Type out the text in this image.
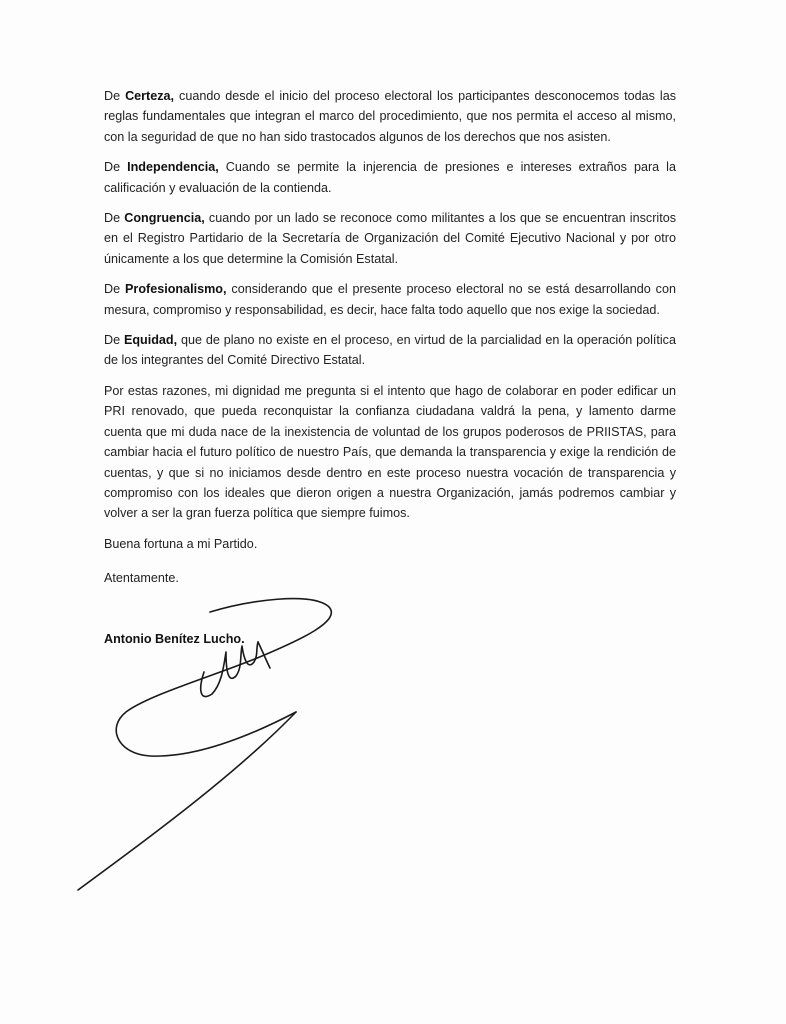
De Certeza, cuando desde el inicio del proceso electoral los participantes desconocemos todas las reglas fundamentales que integran el marco del procedimiento, que nos permita el acceso al mismo, con la seguridad de que no han sido trastocados algunos de los derechos que nos asisten.

De Independencia, Cuando se permite la injerencia de presiones e intereses extraños para la calificación y evaluación de la contienda.

De Congruencia, cuando por un lado se reconoce como militantes a los que se encuentran inscritos en el Registro Partidario de la Secretaría de Organización del Comité Ejecutivo Nacional y por otro únicamente a los que determine la Comisión Estatal.

De Profesionalismo, considerando que el presente proceso electoral no se está desarrollando con mesura, compromiso y responsabilidad, es decir, hace falta todo aquello que nos exige la sociedad.

De Equidad, que de plano no existe en el proceso, en virtud de la parcialidad en la operación política de los integrantes del Comité Directivo Estatal.

Por estas razones, mi dignidad me pregunta si el intento que hago de colaborar en poder edificar un PRI renovado, que pueda reconquistar la confianza ciudadana valdrá la pena, y lamento darme cuenta que mi duda nace de la inexistencia de voluntad de los grupos poderosos de PRIISTAS, para cambiar hacia el futuro político de nuestro País, que demanda la transparencia y exige la rendición de cuentas, y que si no iniciamos desde dentro en este proceso nuestra vocación de transparencia y compromiso con los ideales que dieron origen a nuestra Organización, jamás podremos cambiar y volver a ser la gran fuerza política que siempre fuimos.

Buena fortuna a mi Partido.

Atentamente.

Antonio Benítez Lucho.
